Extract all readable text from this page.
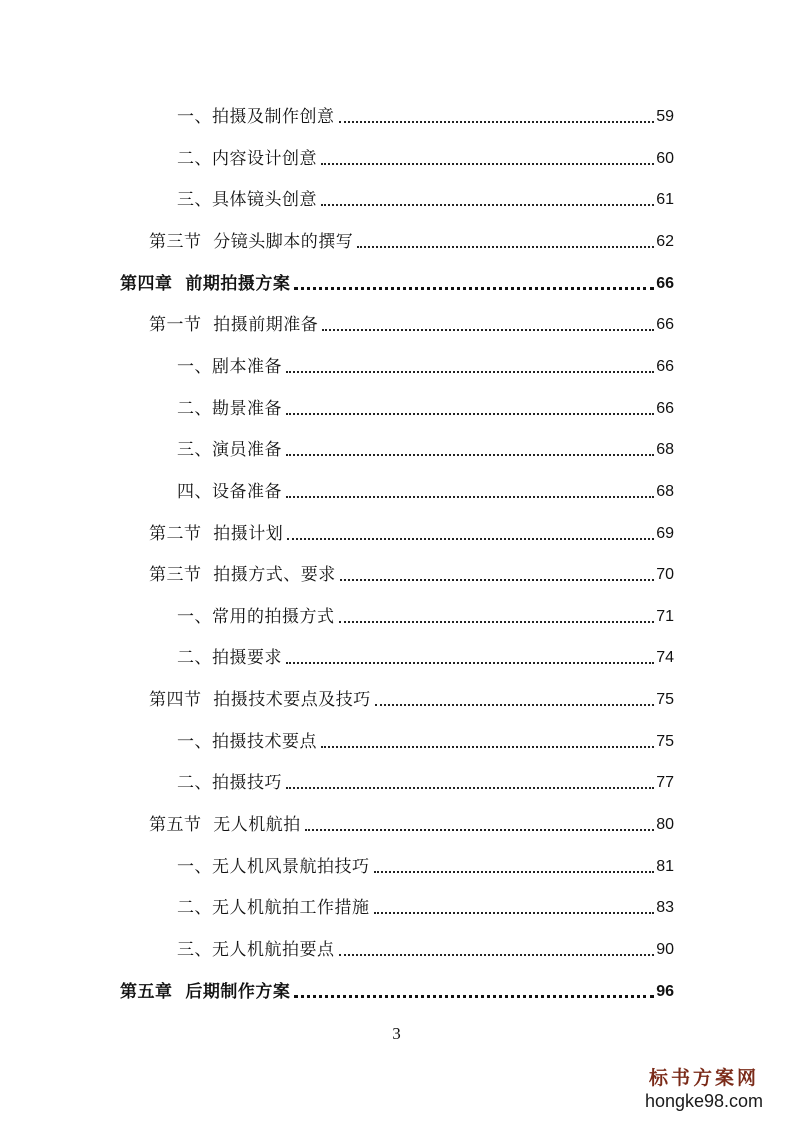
一、拍摄及制作创意	59
二、内容设计创意	60
三、具体镜头创意	61
第三节  分镜头脚本的撰写	62
第四章  前期拍摄方案	66
第一节  拍摄前期准备	66
一、剧本准备	66
二、勘景准备	66
三、演员准备	68
四、设备准备	68
第二节  拍摄计划	69
第三节  拍摄方式、要求	70
一、常用的拍摄方式	71
二、拍摄要求	74
第四节  拍摄技术要点及技巧	75
一、拍摄技术要点	75
二、拍摄技巧	77
第五节  无人机航拍	80
一、无人机风景航拍技巧	81
二、无人机航拍工作措施	83
三、无人机航拍要点	90
第五章  后期制作方案	96
3
标书方案网
hongke98.com
